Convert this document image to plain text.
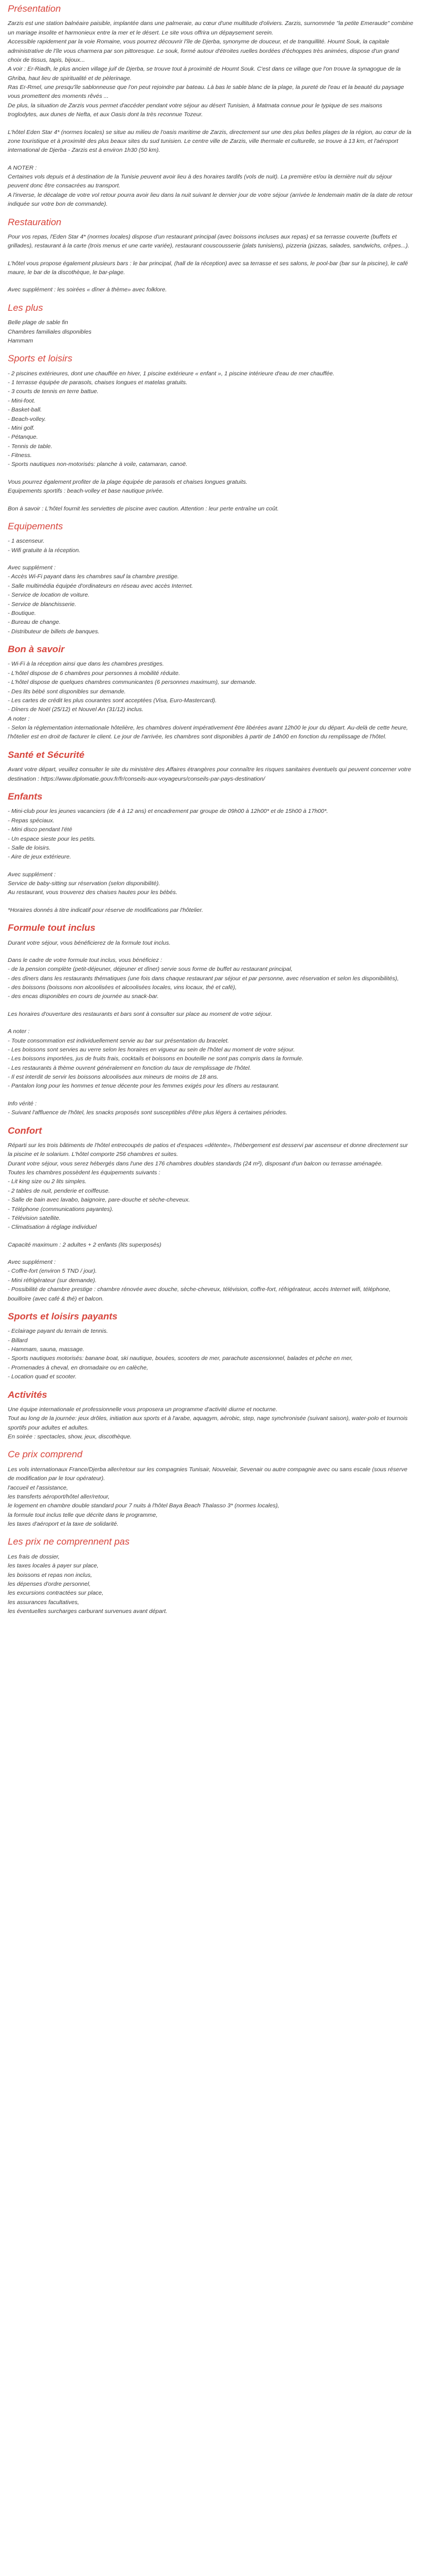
Présentation

Zarzis est une station balnéaire paisible, implantée dans une palmeraie, au cœur d'une multitude d'oliviers. Zarzis, surnommée "la petite Emeraude" combine un mariage insolite et harmonieux entre la mer et le désert. Le site vous offrira un dépaysement serein.

Accessible rapidement par la voie Romaine, vous pourrez découvrir l'île de Djerba, synonyme de douceur, et de tranquillité. Houmt Souk, la capitale administrative de l'île vous charmera par son pittoresque. Le souk, formé autour d'étroites ruelles bordées d'échoppes très animées, dispose d'un grand choix de tissus, tapis, bijoux...

A voir : Er-Riadh, le plus ancien village juif de Djerba, se trouve tout à proximité de Houmt Souk. C'est dans ce village que l'on trouve la synagogue de la Ghriba, haut lieu de spiritualité et de pèlerinage.

Ras Er-Rmel, une presqu'île sablonneuse que l'on peut rejoindre par bateau. Là bas le sable blanc de la plage, la pureté de l'eau et la beauté du paysage vous promettent des moments rêvés ...

De plus, la situation de Zarzis vous permet d'accéder pendant votre séjour au désert Tunisien, à Matmata connue pour le typique de ses maisons troglodytes, aux dunes de Nefta, et aux Oasis dont la très reconnue Tozeur.

L'hôtel Eden Star 4* (normes locales) se situe au milieu de l'oasis maritime de Zarzis, directement sur une des plus belles plages de la région, au cœur de la zone touristique et à proximité des plus beaux sites du sud tunisien. Le centre ville de Zarzis, ville thermale et culturelle, se trouve à 13 km, et l'aéroport international de Djerba - Zarzis est à environ 1h30 (50 km).

A NOTER :

Certaines vols depuis et à destination de la Tunisie peuvent avoir lieu à des horaires tardifs (vols de nuit). La première et/ou la dernière nuit du séjour peuvent donc être consacrées au transport.

A l'inverse, le décalage de votre vol retour pourra avoir lieu dans la nuit suivant le dernier jour de votre séjour (arrivée le lendemain matin de la date de retour indiquée sur votre bon de commande).

Restauration

Pour vos repas, l'Eden Star 4* (normes locales) dispose d'un restaurant principal (avec boissons incluses aux repas) et sa terrasse couverte (buffets et grillades), restaurant à la carte (trois menus et une carte variée), restaurant couscousserie (plats tunisiens), pizzeria (pizzas, salades, sandwichs, crêpes...).

L'hôtel vous propose également plusieurs bars : le bar principal, (hall de la réception) avec sa terrasse et ses salons, le pool-bar (bar sur la piscine), le café maure, le bar de la discothèque, le bar-plage.

Avec supplément : les soirées « dîner à thème» avec folklore.

Les plus

Belle plage de sable fin

Chambres familiales disponibles

Hammam

Sports et loisirs

- 2 piscines extérieures, dont une chauffée en hiver, 1 piscine extérieure « enfant », 1 piscine intérieure d'eau de mer chauffée.

- 1 terrasse équipée de parasols, chaises longues et matelas gratuits.

- 3 courts de tennis en terre battue.

- Mini-foot.

- Basket-ball.

- Beach-volley.

- Mini golf.

- Pétanque.

- Tennis de table.

- Fitness.

- Sports nautiques non-motorisés: planche à voile, catamaran, canoë.

Vous pourrez également profiter de la plage équipée de parasols et chaises longues gratuits.

Equipements sportifs : beach-volley et base nautique privée.

Bon à savoir : L'hôtel fournit les serviettes de piscine avec caution. Attention : leur perte entraîne un coût.

Equipements

- 1 ascenseur.

- Wifi gratuite à la réception.

Avec supplément :

- Accès Wi-Fi payant dans les chambres sauf la chambre prestige.

- Salle multimédia équipée d'ordinateurs en réseau avec accès Internet.

- Service de location de voiture.

- Service de blanchisserie.

- Boutique.

- Bureau de change.

- Distributeur de billets de banques.

Bon à savoir

- Wi-Fi à la réception ainsi que dans les chambres prestiges.

- L'hôtel dispose de 6 chambres pour personnes à mobilité réduite.

- L'hôtel dispose de quelques chambres communicantes (6 personnes maximum), sur demande.

- Des lits bébé sont disponibles sur demande.

- Les cartes de crédit les plus courantes sont acceptées (Visa, Euro-Mastercard).

- Dîners de Noël (25/12) et Nouvel An (31/12) inclus.

A noter :

- Selon la réglementation internationale hôtelière, les chambres doivent impérativement être libérées avant 12h00 le jour du départ. Au-delà de cette heure, l'hôtelier est en droit de facturer le client. Le jour de l'arrivée, les chambres sont disponibles à partir de 14h00 en fonction du remplissage de l'hôtel.

Santé et Sécurité

Avant votre départ, veuillez consulter le site du ministère des Affaires étrangères pour connaître les risques sanitaires éventuels qui peuvent concerner votre destination : https://www.diplomatie.gouv.fr/fr/conseils-aux-voyageurs/conseils-par-pays-destination/

Enfants

- Mini-club pour les jeunes vacanciers (de 4 à 12 ans) et encadrement par groupe de 09h00 à 12h00* et de 15h00 à 17h00*.

- Repas spéciaux.

- Mini disco pendant l'été

- Un espace sieste pour les petits.

- Salle de loisirs.

- Aire de jeux extérieure.

Avec supplément :

Service de baby-sitting sur réservation (selon disponibilité).

Au restaurant, vous trouverez des chaises hautes pour les bébés.

*Horaires donnés à titre indicatif pour réserve de modifications par l'hôtelier.

Formule tout inclus

Durant votre séjour, vous bénéficierez de la formule tout inclus.

Dans le cadre de votre formule tout inclus, vous bénéficiez :

- de la pension complète (petit-déjeuner, déjeuner et dîner) servie sous forme de buffet au restaurant principal,

- des dîners dans les restaurants thématiques (une fois dans chaque restaurant par séjour et par personne, avec réservation et selon les disponibilités),

- des boissons (boissons non alcoolisées et alcoolisées locales, vins locaux, thé et café),

- des encas disponibles en cours de journée au snack-bar.

Les horaires d'ouverture des restaurants et bars sont à consulter sur place au moment de votre séjour.

A noter :

- Toute consommation est individuellement servie au bar sur présentation du bracelet.

- Les boissons sont servies au verre selon les horaires en vigueur au sein de l'hôtel au moment de votre séjour.

- Les boissons importées, jus de fruits frais, cocktails et boissons en bouteille ne sont pas compris dans la formule.

- Les restaurants à thème ouvrent généralement en fonction du taux de remplissage de l'hôtel.

- Il est interdit de servir les boissons alcoolisées aux mineurs de moins de 18 ans.

- Pantalon long pour les hommes et tenue décente pour les femmes exigés pour les dîners au restaurant.

Info vérité :

- Suivant l'affluence de l'hôtel, les snacks proposés sont susceptibles d'être plus légers à certaines périodes.

Confort

Réparti sur les trois bâtiments de l'hôtel entrecoupés de patios et d'espaces «détente», l'hébergement est desservi par ascenseur et donne directement sur la piscine et le solarium. L'hôtel comporte 256 chambres et suites.

Durant votre séjour, vous serez hébergés dans l'une des 176 chambres doubles standards (24 m²), disposant d'un balcon ou terrasse aménagée.

Toutes les chambres possèdent les équipements suivants :

- Lit king size ou 2 lits simples.

- 2 tables de nuit, penderie et coiffeuse.

- Salle de bain avec lavabo, baignoire, pare-douche et sèche-cheveux.

- Téléphone (communications payantes).

- Télévision satellite.

- Climatisation à réglage individuel

Capacité maximum : 2 adultes + 2 enfants (lits superposés)

Avec supplément :

- Coffre-fort (environ 5 TND / jour).

- Mini réfrigérateur (sur demande).

- Possibilité de chambre prestige : chambre rénovée avec douche, sèche-cheveux, télévision, coffre-fort, réfrigérateur, accès Internet wifi, téléphone, bouilloire (avec café & thé) et balcon.

Sports et loisirs payants

- Eclairage payant du terrain de tennis.

- Billard

- Hammam, sauna, massage.

- Sports nautiques motorisés: banane boat, ski nautique, bouées, scooters de mer, parachute ascensionnel, balades et pêche en mer,

- Promenades à cheval, en dromadaire ou en calèche,

- Location quad et scooter.

Activités

Une équipe internationale et professionnelle vous proposera un programme d'activité diurne et nocturne.

Tout au long de la journée: jeux drôles, initiation aux sports et à l'arabe, aquagym, aérobic, step, nage synchronisée (suivant saison), water-polo et tournois sportifs pour adultes et adultes.

En soirée : spectacles, show, jeux, discothèque.

Ce prix comprend

Les vols internationaux France/Djerba aller/retour sur les compagnies Tunisair, Nouvelair, Sevenair ou autre compagnie avec ou sans escale (sous réserve de modification par le tour opérateur).

l'accueil et l'assistance,

les transferts aéroport/hôtel aller/retour,

le logement en chambre double standard pour 7 nuits à l'hôtel Baya Beach Thalasso 3* (normes locales),

la formule tout inclus telle que décrite dans le programme,

les taxes d'aéroport et la taxe de solidarité.

Les prix ne comprennent pas

Les frais de dossier,

les taxes locales à payer sur place,

les boissons et repas non inclus,

les dépenses d'ordre personnel,

les excursions contractées sur place,

les assurances facultatives,

les éventuelles surcharges carburant survenues avant départ.
